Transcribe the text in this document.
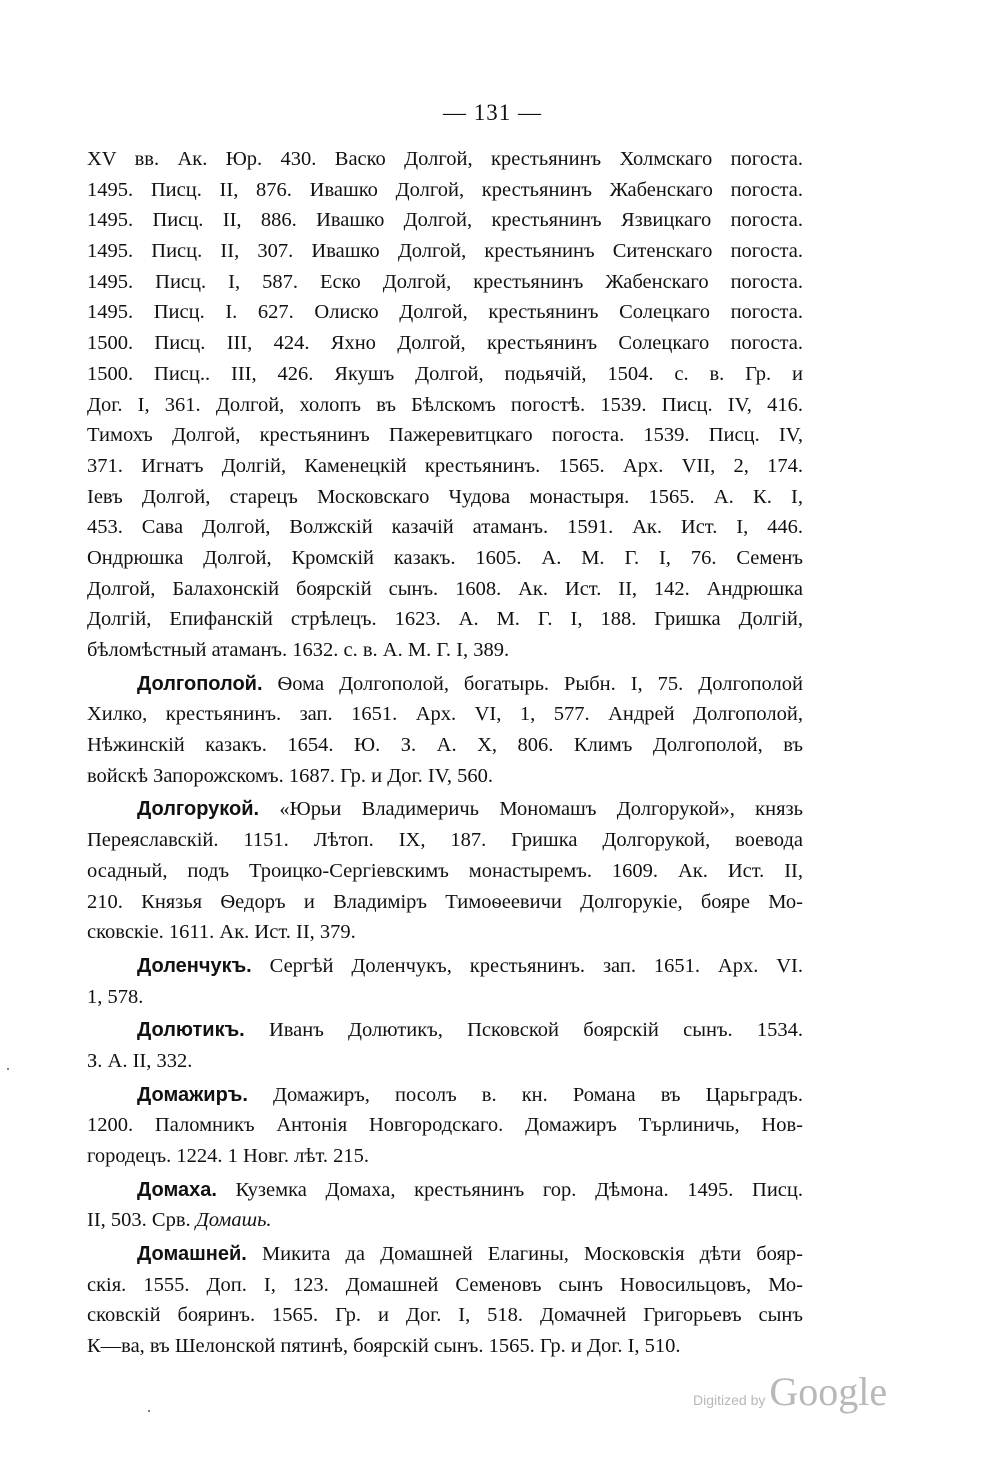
— 131 —
XV вв. Ак. Юр. 430. Васко Долгой, крестьянинъ Холмскаго погоста.
1495. Писц. II, 876. Ивашко Долгой, крестьянинъ Жабенскаго погоста.
1495. Писц. II, 886. Ивашко Долгой, крестьянинъ Язвицкаго погоста.
1495. Писц. II, 307. Ивашко Долгой, крестьянинъ Ситенскаго погоста.
1495. Писц. I, 587. Еско Долгой, крестьянинъ Жабенскаго погоста.
1495. Писц. I. 627. Олиско Долгой, крестьянинъ Солецкаго погоста.
1500. Писц. III, 424. Яхно Долгой, крестьянинъ Солецкаго погоста.
1500. Писц.. III, 426. Якушъ Долгой, подьячій, 1504. с. в. Гр. и
Дог. I, 361. Долгой, холопъ въ Бѣлскомъ погостѣ. 1539. Писц. IV, 416.
Тимохъ Долгой, крестьянинъ Пажеревитцкаго погоста. 1539. Писц. IV,
371. Игнатъ Долгій, Каменецкій крестьянинъ. 1565. Арх. VII, 2, 174.
Іевъ Долгой, старецъ Московскаго Чудова монастыря. 1565. А. К. I,
453. Сава Долгой, Волжскій казачій атаманъ. 1591. Ак. Ист. I, 446.
Ондрюшка Долгой, Кромскій казакъ. 1605. А. М. Г. I, 76. Семенъ
Долгой, Балахонскій боярскій сынъ. 1608. Ак. Ист. II, 142. Андрюшка
Долгій, Епифанскій стрѣлецъ. 1623. А. М. Г. I, 188. Гришка Долгій,
бѣломѣстный атаманъ. 1632. с. в. А. М. Г. I, 389.
Долгополой. Ѳома Долгополой, богатырь. Рыбн. I, 75. Долгополой
Хилко, крестьянинъ. зап. 1651. Арх. VI, 1, 577. Андрей Долгополой,
Нѣжинскій казакъ. 1654. Ю. З. А. Х, 806. Климъ Долгополой, въ
войскѣ Запорожскомъ. 1687. Гр. и Дог. IV, 560.
Долгорукой. «Юрьи Владимеричь Мономашъ Долгорукой», князь
Переяславскій. 1151. Лѣтоп. IX, 187. Гришка Долгорукой, воевода
осадный, подъ Троицко-Сергіевскимъ монастыремъ. 1609. Ак. Ист. II,
210. Князья Ѳедоръ и Владиміръ Тимоѳеевичи Долгорукіе, бояре Мо-
сковскіе. 1611. Ак. Ист. II, 379.
Доленчукъ. Сергѣй Доленчукъ, крестьянинъ. зап. 1651. Арх. VI.
1, 578.
Долютикъ. Иванъ Долютикъ, Псковской боярскій сынъ. 1534.
З. А. II, 332.
Домажиръ. Домажиръ, посолъ в. кн. Романа въ Царьградъ.
1200. Паломникъ Антонія Новгородскаго. Домажиръ Търлиничь, Нов-
городецъ. 1224. 1 Новг. лѣт. 215.
Домаха. Куземка Домаха, крестьянинъ гор. Дѣмона. 1495. Писц.
II, 503. Срв. Домашь.
Домашней. Микита да Домашней Елагины, Московскія дѣти бояр-
скія. 1555. Доп. I, 123. Домашней Семеновъ сынъ Новосильцовъ, Мо-
сковскій бояринъ. 1565. Гр. и Дог. I, 518. Домачней Григорьевъ сынъ
К—ва, въ Шелонской пятинѣ, боярскій сынъ. 1565. Гр. и Дог. I, 510.
Digitized by Google
